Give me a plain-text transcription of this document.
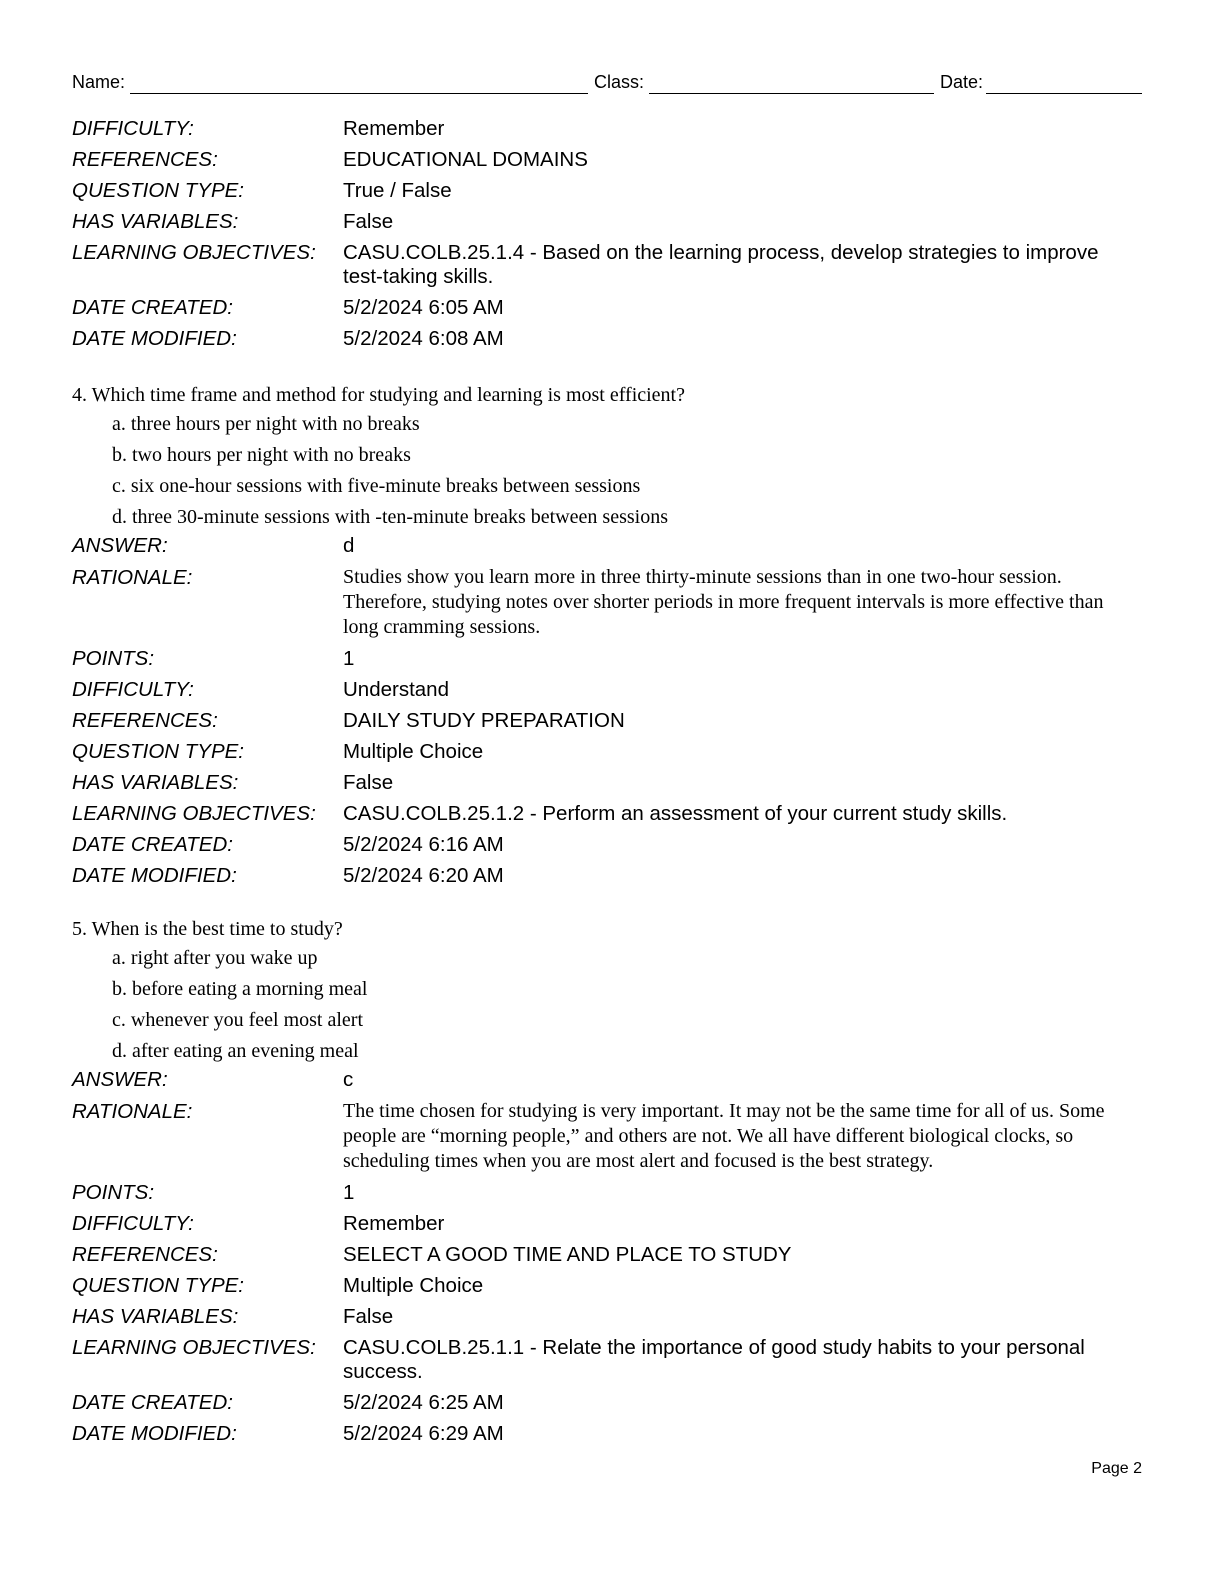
Name:	Class:	Date:
DIFFICULTY:	Remember
REFERENCES:	EDUCATIONAL DOMAINS
QUESTION TYPE:	True / False
HAS VARIABLES:	False
LEARNING OBJECTIVES:	CASU.COLB.25.1.4 - Based on the learning process, develop strategies to improve test-taking skills.
DATE CREATED:	5/2/2024 6:05 AM
DATE MODIFIED:	5/2/2024 6:08 AM
4. Which time frame and method for studying and learning is most efficient?
a. three hours per night with no breaks
b. two hours per night with no breaks
c. six one-hour sessions with five-minute breaks between sessions
d. three 30-minute sessions with -ten-minute breaks between sessions
ANSWER:	d
RATIONALE:	Studies show you learn more in three thirty-minute sessions than in one two-hour session. Therefore, studying notes over shorter periods in more frequent intervals is more effective than long cramming sessions.
POINTS:	1
DIFFICULTY:	Understand
REFERENCES:	DAILY STUDY PREPARATION
QUESTION TYPE:	Multiple Choice
HAS VARIABLES:	False
LEARNING OBJECTIVES:	CASU.COLB.25.1.2 - Perform an assessment of your current study skills.
DATE CREATED:	5/2/2024 6:16 AM
DATE MODIFIED:	5/2/2024 6:20 AM
5. When is the best time to study?
a. right after you wake up
b. before eating a morning meal
c. whenever you feel most alert
d. after eating an evening meal
ANSWER:	c
RATIONALE:	The time chosen for studying is very important. It may not be the same time for all of us. Some people are “morning people,” and others are not. We all have different biological clocks, so scheduling times when you are most alert and focused is the best strategy.
POINTS:	1
DIFFICULTY:	Remember
REFERENCES:	SELECT A GOOD TIME AND PLACE TO STUDY
QUESTION TYPE:	Multiple Choice
HAS VARIABLES:	False
LEARNING OBJECTIVES:	CASU.COLB.25.1.1 - Relate the importance of good study habits to your personal success.
DATE CREATED:	5/2/2024 6:25 AM
DATE MODIFIED:	5/2/2024 6:29 AM
Page 2
